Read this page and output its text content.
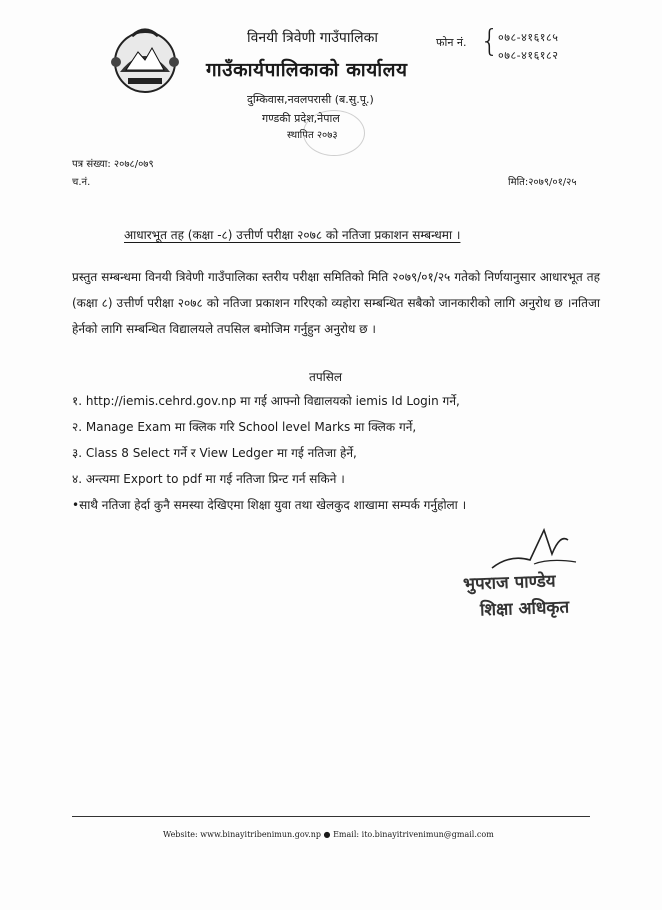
विनयी त्रिवेणी गाउँपालिका
गाउँकार्यपालिकाको कार्यालय
दुम्किवास,नवलपरासी (ब.सु.पू.)
गण्डकी प्रदेश,नेपाल
स्थापित २०७३
फोन नं. {
०७८-४१६१८५
०७८-४१६१८२
पत्र संख्या: २०७८/०७९
च.नं.	मिति:२०७९/०१/२५
आधारभूत तह (कक्षा -८) उत्तीर्ण परीक्षा २०७८ को नतिजा प्रकाशन सम्बन्धमा ।
प्रस्तुत सम्बन्धमा विनयी त्रिवेणी गाउँपालिका स्तरीय परीक्षा समितिको मिति २०७९/०१/२५ गतेको निर्णयानुसार आधारभूत तह (कक्षा ८) उत्तीर्ण परीक्षा २०७८ को नतिजा प्रकाशन गरिएको व्यहोरा सम्बन्धित सबैको जानकारीको लागि अनुरोध छ ।नतिजा हेर्नको लागि सम्बन्धित विद्यालयले तपसिल बमोजिम गर्नुहुन अनुरोध छ ।
तपसिल
१. http://iemis.cehrd.gov.np मा गई आफ्नो विद्यालयको iemis Id Login गर्ने,
२. Manage Exam मा क्लिक गरि School level Marks मा क्लिक गर्ने,
३. Class 8 Select गर्ने र View Ledger मा गई नतिजा हेर्ने,
४. अन्त्यमा Export to pdf मा गई नतिजा प्रिन्ट गर्न सकिने ।
•साथै नतिजा हेर्दा कुनै समस्या देखिएमा शिक्षा युवा तथा खेलकुद शाखामा सम्पर्क गर्नुहोला ।
भुपराज पाण्डेय
शिक्षा अधिकृत
Website: www.binayitribenimun.gov.np ● Email: ito.binayitrivenimun@gmail.com
